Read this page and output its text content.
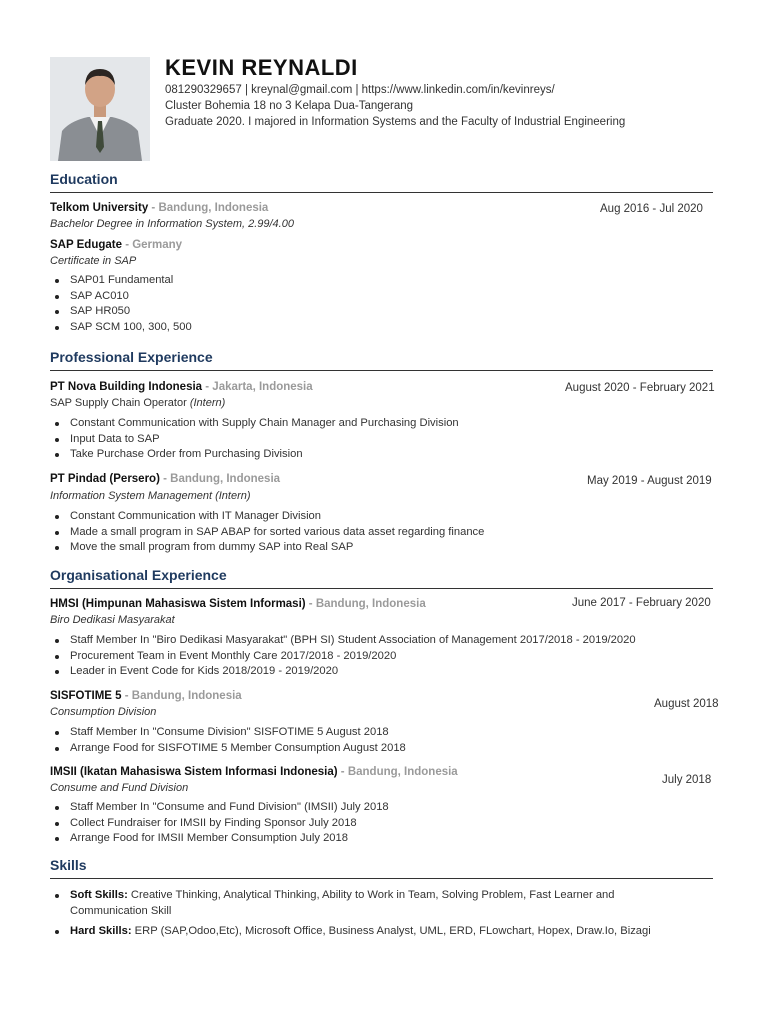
KEVIN REYNALDI
081290329657 | kreynal@gmail.com | https://www.linkedin.com/in/kevinreys/
Cluster Bohemia 18 no 3 Kelapa Dua-Tangerang
Graduate 2020. I majored in Information Systems and the Faculty of Industrial Engineering
Education
Telkom University - Bandung, Indonesia	Aug 2016 - Jul 2020
Bachelor Degree in Information System, 2.99/4.00
SAP Edugate - Germany
Certificate in SAP
SAP01 Fundamental
SAP AC010
SAP HR050
SAP SCM 100, 300, 500
Professional Experience
PT Nova Building Indonesia - Jakarta, Indonesia	August 2020 - February 2021
SAP Supply Chain Operator (Intern)
Constant Communication with Supply Chain Manager and Purchasing Division
Input Data to SAP
Take Purchase Order from Purchasing Division
PT Pindad (Persero) - Bandung, Indonesia	May 2019 - August 2019
Information System Management (Intern)
Constant Communication with IT Manager Division
Made a small program in SAP ABAP for sorted various data asset regarding finance
Move the small program from dummy SAP into Real SAP
Organisational Experience
HMSI (Himpunan Mahasiswa Sistem Informasi) - Bandung, Indonesia	June 2017 - February 2020
Biro Dedikasi Masyarakat
Staff Member In "Biro Dedikasi Masyarakat" (BPH SI) Student Association of Management 2017/2018 - 2019/2020
Procurement Team in Event Monthly Care 2017/2018 - 2019/2020
Leader in Event Code for Kids 2018/2019 - 2019/2020
SISFOTIME 5 - Bandung, Indonesia
August 2018
Consumption Division
Staff Member In "Consume Division" SISFOTIME 5 August 2018
Arrange Food for SISFOTIME 5 Member Consumption August 2018
IMSII (Ikatan Mahasiswa Sistem Informasi Indonesia) - Bandung, Indonesia
July 2018
Consume and Fund Division
Staff Member In "Consume and Fund Division" (IMSII) July 2018
Collect Fundraiser for IMSII by Finding Sponsor July 2018
Arrange Food for IMSII Member Consumption July 2018
Skills
Soft Skills: Creative Thinking, Analytical Thinking, Ability to Work in Team, Solving Problem, Fast Learner and Communication Skill
Hard Skills: ERP (SAP,Odoo,Etc), Microsoft Office, Business Analyst, UML, ERD, FLowchart, Hopex, Draw.Io, Bizagi
